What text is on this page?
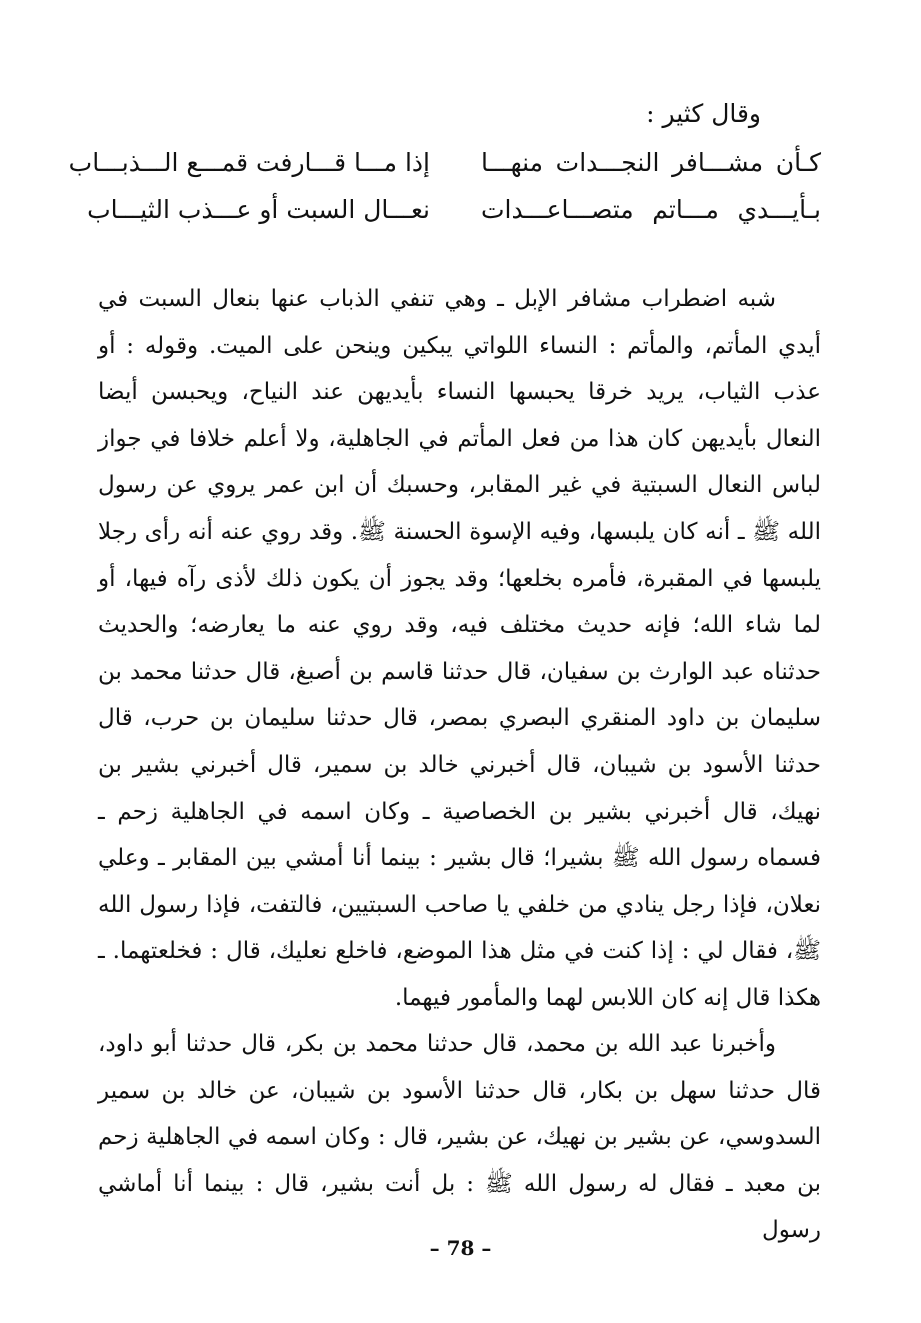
وقال كثير :
كـأن مشـــافر النجـــدات منهـــا
إذا مـــا قـــارفت قمـــع الـــذبـــاب
بـأيـــدي مـــاتم متصـــاعـــدات
نعـــال السبت أو عـــذب الثيـــاب

شبه اضطراب مشافر الإبل ـ وهي تنفي الذباب عنها بنعال السبت في أيدي المأتم، والمأتم : النساء اللواتي يبكين وينحن على الميت. وقوله : أو عذب الثياب، يريد خرقا يحبسها النساء بأيديهن عند النياح، ويحبسن أيضا النعال بأيديهن كان هذا من فعل المأتم في الجاهلية، ولا أعلم خلافا في جواز لباس النعال السبتية في غير المقابر، وحسبك أن ابن عمر يروي عن رسول الله ﷺ ـ أنه كان يلبسها، وفيه الإسوة الحسنة ﷺ. وقد روي عنه أنه رأى رجلا يلبسها في المقبرة، فأمره بخلعها؛ وقد يجوز أن يكون ذلك لأذى رآه فيها، أو لما شاء الله؛ فإنه حديث مختلف فيه، وقد روي عنه ما يعارضه؛ والحديث حدثناه عبد الوارث بن سفيان، قال حدثنا قاسم بن أصبغ، قال حدثنا محمد بن سليمان بن داود المنقري البصري بمصر، قال حدثنا سليمان بن حرب، قال حدثنا الأسود بن شيبان، قال أخبرني خالد بن سمير، قال أخبرني بشير بن نهيك، قال أخبرني بشير بن الخصاصية ـ وكان اسمه في الجاهلية زحم ـ فسماه رسول الله ﷺ بشيرا؛ قال بشير : بينما أنا أمشي بين المقابر ـ وعلي نعلان، فإذا رجل ينادي من خلفي يا صاحب السبتيين، فالتفت، فإذا رسول الله ﷺ، فقال لي : إذا كنت في مثل هذا الموضع، فاخلع نعليك، قال : فخلعتهما. ـ هكذا قال إنه كان اللابس لهما والمأمور فيهما.

وأخبرنا عبد الله بن محمد، قال حدثنا محمد بن بكر، قال حدثنا أبو داود، قال حدثنا سهل بن بكار، قال حدثنا الأسود بن شيبان، عن خالد بن سمير السدوسي، عن بشير بن نهيك، عن بشير، قال : وكان اسمه في الجاهلية زحم بن معبد ـ فقال له رسول الله ﷺ : بل أنت بشير، قال : بينما أنا أماشي رسول

– 78 –
